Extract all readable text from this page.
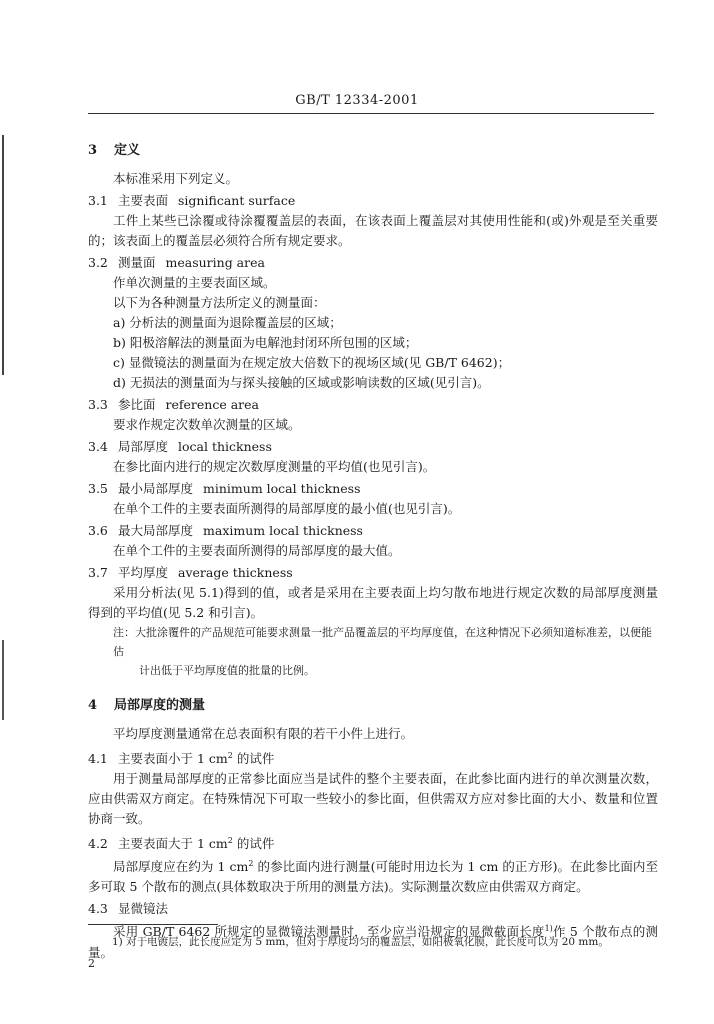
GB/T 12334-2001
3 定义

本标准采用下列定义。

3.1 主要表面 significant surface

工件上某些已涂覆或待涂覆覆盖层的表面，在该表面上覆盖层对其使用性能和(或)外观是至关重要的；该表面上的覆盖层必须符合所有规定要求。

3.2 测量面 measuring area

作单次测量的主要表面区域。

以下为各种测量方法所定义的测量面：

a) 分析法的测量面为退除覆盖层的区域；
b) 阳极溶解法的测量面为电解池封闭环所包围的区域；
c) 显微镜法的测量面为在规定放大倍数下的视场区域(见 GB/T 6462)；
d) 无损法的测量面为与探头接触的区域或影响读数的区域(见引言)。
3.3 参比面 reference area

要求作规定次数单次测量的区域。

3.4 局部厚度 local thickness

在参比面内进行的规定次数厚度测量的平均值(也见引言)。

3.5 最小局部厚度 minimum local thickness

在单个工件的主要表面所测得的局部厚度的最小值(也见引言)。

3.6 最大局部厚度 maximum local thickness

在单个工件的主要表面所测得的局部厚度的最大值。

3.7 平均厚度 average thickness

采用分析法(见 5.1)得到的值，或者是采用在主要表面上均匀散布地进行规定次数的局部厚度测量得到的平均值(见 5.2 和引言)。

注：大批涂覆件的产品规范可能要求测量一批产品覆盖层的平均厚度值，在这种情况下必须知道标准差，以便能估
计出低于平均厚度值的批量的比例。
4 局部厚度的测量

平均厚度测量通常在总表面积有限的若干小件上进行。

4.1 主要表面小于 1 $cm^2$ 的试件

用于测量局部厚度的正常参比面应当是试件的整个主要表面，在此参比面内进行的单次测量次数，应由供需双方商定。在特殊情况下可取一些较小的参比面，但供需双方应对参比面的大小、数量和位置协商一致。

4.2 主要表面大于 1 $cm^2$ 的试件

局部厚度应在约为 1 $cm^2$ 的参比面内进行测量(可能时用边长为 1 cm 的正方形)。在此参比面内至多可取 5 个散布的测点(具体数取决于所用的测量方法)。实际测量次数应由供需双方商定。

4.3 显微镜法

采用 GB/T 6462 所规定的显微镜法测量时，至少应当沿规定的显微截面长度$^{1)}$作 5 个散布点的测量。

1) 对于电镀层，此长度应定为 5 mm，但对于厚度均匀的覆盖层，如阳极氧化膜，此长度可以为 20 mm。
2
